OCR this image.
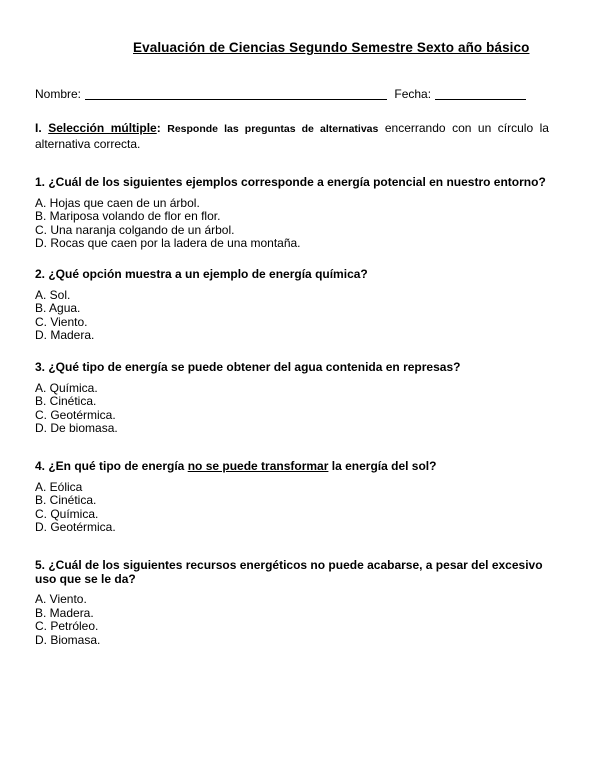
Evaluación de Ciencias Segundo Semestre Sexto año básico
Nombre:	Fecha:
I. Selección múltiple: Responde las preguntas de alternativas encerrando con un círculo la alternativa correcta.

1. ¿Cuál de los siguientes ejemplos corresponde a energía potencial en nuestro entorno?

A. Hojas que caen de un árbol.
B. Mariposa volando de flor en flor.
C. Una naranja colgando de un árbol.
D. Rocas que caen por la ladera de una montaña.

2. ¿Qué opción muestra a un ejemplo de energía química?

A. Sol.
B. Agua.
C. Viento.
D. Madera.

3. ¿Qué tipo de energía se puede obtener del agua contenida en represas?

A. Química.
B. Cinética.
C. Geotérmica.
D. De biomasa.

4. ¿En qué tipo de energía no se puede transformar la energía del sol?

A. Eólica
B. Cinética.
C. Química.
D. Geotérmica.

5. ¿Cuál de los siguientes recursos energéticos no puede acabarse, a pesar del excesivo uso que se le da?

A. Viento.
B. Madera.
C. Petróleo.
D. Biomasa.
